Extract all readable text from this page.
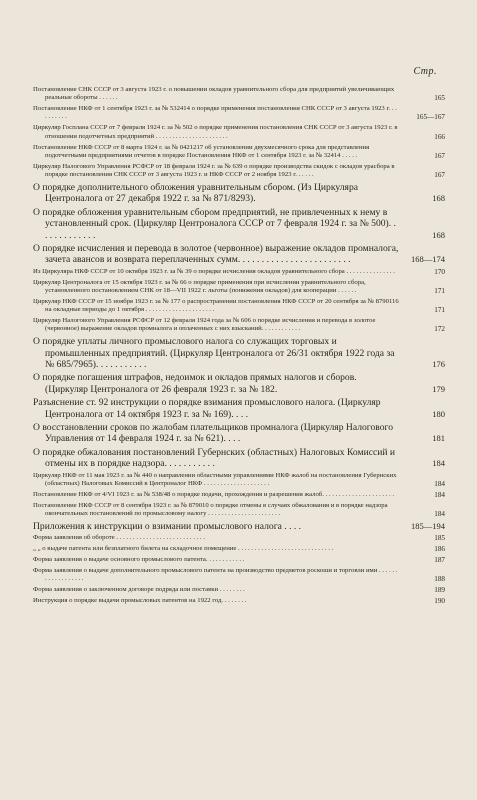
Стр.
Постановление СНК СССР от 3 августа 1923 г. о повышении окладов уравнительного сбора для предприятий увеличивающих реальные обороты . . . . . .	165
Постановление НКФ от 1 сентября 1923 г. за № 532414 о порядке применения постановления СНК СССР от 3 августа 1923 г. . . . . . . . . .	165—167
Циркуляр Госплана СССР от 7 февраля 1924 г. за № 502 о порядке применения постановления СНК СССР от 3 августа 1923 г. в отношении подотчетных предприятий . . . . . . . . . . . . . . . . . . . . . .	166
Постановление НКФ СССР от 8 марта 1924 г. за № 0421217 об установлении двухмесячного срока для представления подотчетными предприятиями отчетов в порядке Постановления НКФ от 1 сентября 1923 г. за № 32414 . . . . .	167
Циркуляр Налогового Управления РСФСР от 18 февраля 1924 г. за № 639 о порядке производства скидок с окладов урасбора в порядке постановления СНК СССР от 3 августа 1923 г. и НКФ СССР от 2 ноября 1923 г. . . . . .	167
О порядке дополнительного обложения уравнительным сбором. (Из Циркуляра Центроналога от 27 декабря 1922 г. за № 871/8293).	168
О порядке обложения уравнительным сбором предприятий, не привлеченных к нему в установленный срок. (Циркуляр Центроналога СССР от 7 февраля 1924 г. за № 500). . . . . . . . . . . . .	168
О порядке исчисления и перевода в золотое (червонное) выражение окладов промналога, зачета авансов и возврата переплаченных сумм. . . . . . . . . . . . . . . . . . . . . . . .	168—174
Из Циркуляра НКФ СССР от 10 октября 1923 г. за № 39 о порядке исчисления окладов уравнительного сбора . . . . . . . . . . . . . . .	170
Циркуляр Центроналога от 15 октября 1923 г. за № 66 о порядке применения при исчислении уравнительного сбора, установленного постановлением СНК от 18—VII 1922 г. льготы (понижения окладов) для кооперации . . . . . .	171
Циркуляр НКФ СССР от 15 ноября 1923 г. за № 177 о распространении постановления НКФ СССР от 20 сентября за № 8790116 на окладные периоды до 1 октября . . . . . . . . . . . . . . . . . . . . .	171
Циркуляр Налогового Управления РСФСР от 12 февраля 1924 года за № 606 о порядке исчисления и перевода в золотое (червонное) выражение окладов промналога и оплаченных с них взысканий. . . . . . . . . . . .	172
О порядке уплаты личного промыслового налога со служащих торговых и промышленных предприятий. (Циркуляр Центроналога от 26/31 октября 1922 года за № 685/7965). . . . . . . . . . .	176
О порядке погашения штрафов, недоимок и окладов прямых налогов и сборов. (Циркуляр Центроналога от 26 февраля 1923 г. за № 182.	179
Разъяснение ст. 92 инструкции о порядке взимания промыслового налога. (Циркуляр Центроналога от 14 октября 1923 г. за № 169). . . .	180
О восстановлении сроков по жалобам плательщиков промналога (Циркуляр Налогового Управления от 14 февраля 1924 г. за № 621). . . .	181
О порядке обжалования постановлений Губернских (областных) Налоговых Комиссий и отмены их в порядке надзора. . . . . . . . . . .	184
Циркуляр НКФ от 11 мая 1923 г. за № 440 о направлении областными управлениями НКФ жалоб на постановления Губернских (областных) Налоговых Комиссий в Центроналог НКФ . . . . . . . . . . . . . . . . . . . .	184
Постановление НКФ от 4/VI 1923 г. за № 538/48 о порядке подачи, прохождения и разрешения жалоб. . . . . . . . . . . . . . . . . . . . . .	184
Постановление НКФ СССР от 8 сентября 1923 г. за № 879010 о порядке отмены в случаях обжалования и в порядке надзора окончательных постановлений по промысловому налогу . . . . . . . . . . . . . . . . . . . . . .	184
Приложения к инструкции о взимании промыслового налога . . . .	185—194
Форма заявления об обороте . . . . . . . . . . . . . . . . . . . . . . . . . . .	185
„ „ о выдаче патента или безплатного билета на складочное помещение . . . . . . . . . . . . . . . . . . . . . . . . . . . . .	186
Форма заявления о выдаче основного промыслового патента. . . . . . . . . . . .	187
Форма заявления о выдаче дополнительного промыслового патента на производство предметов роскоши и торговли ими . . . . . . . . . . . . . . . . . .	188
Форма заявления о заключенном договоре подряда или поставки . . . . . . . .	189
Инструкция о порядке выдачи промысловых патентов на 1922 год. . . . . . . .	190
